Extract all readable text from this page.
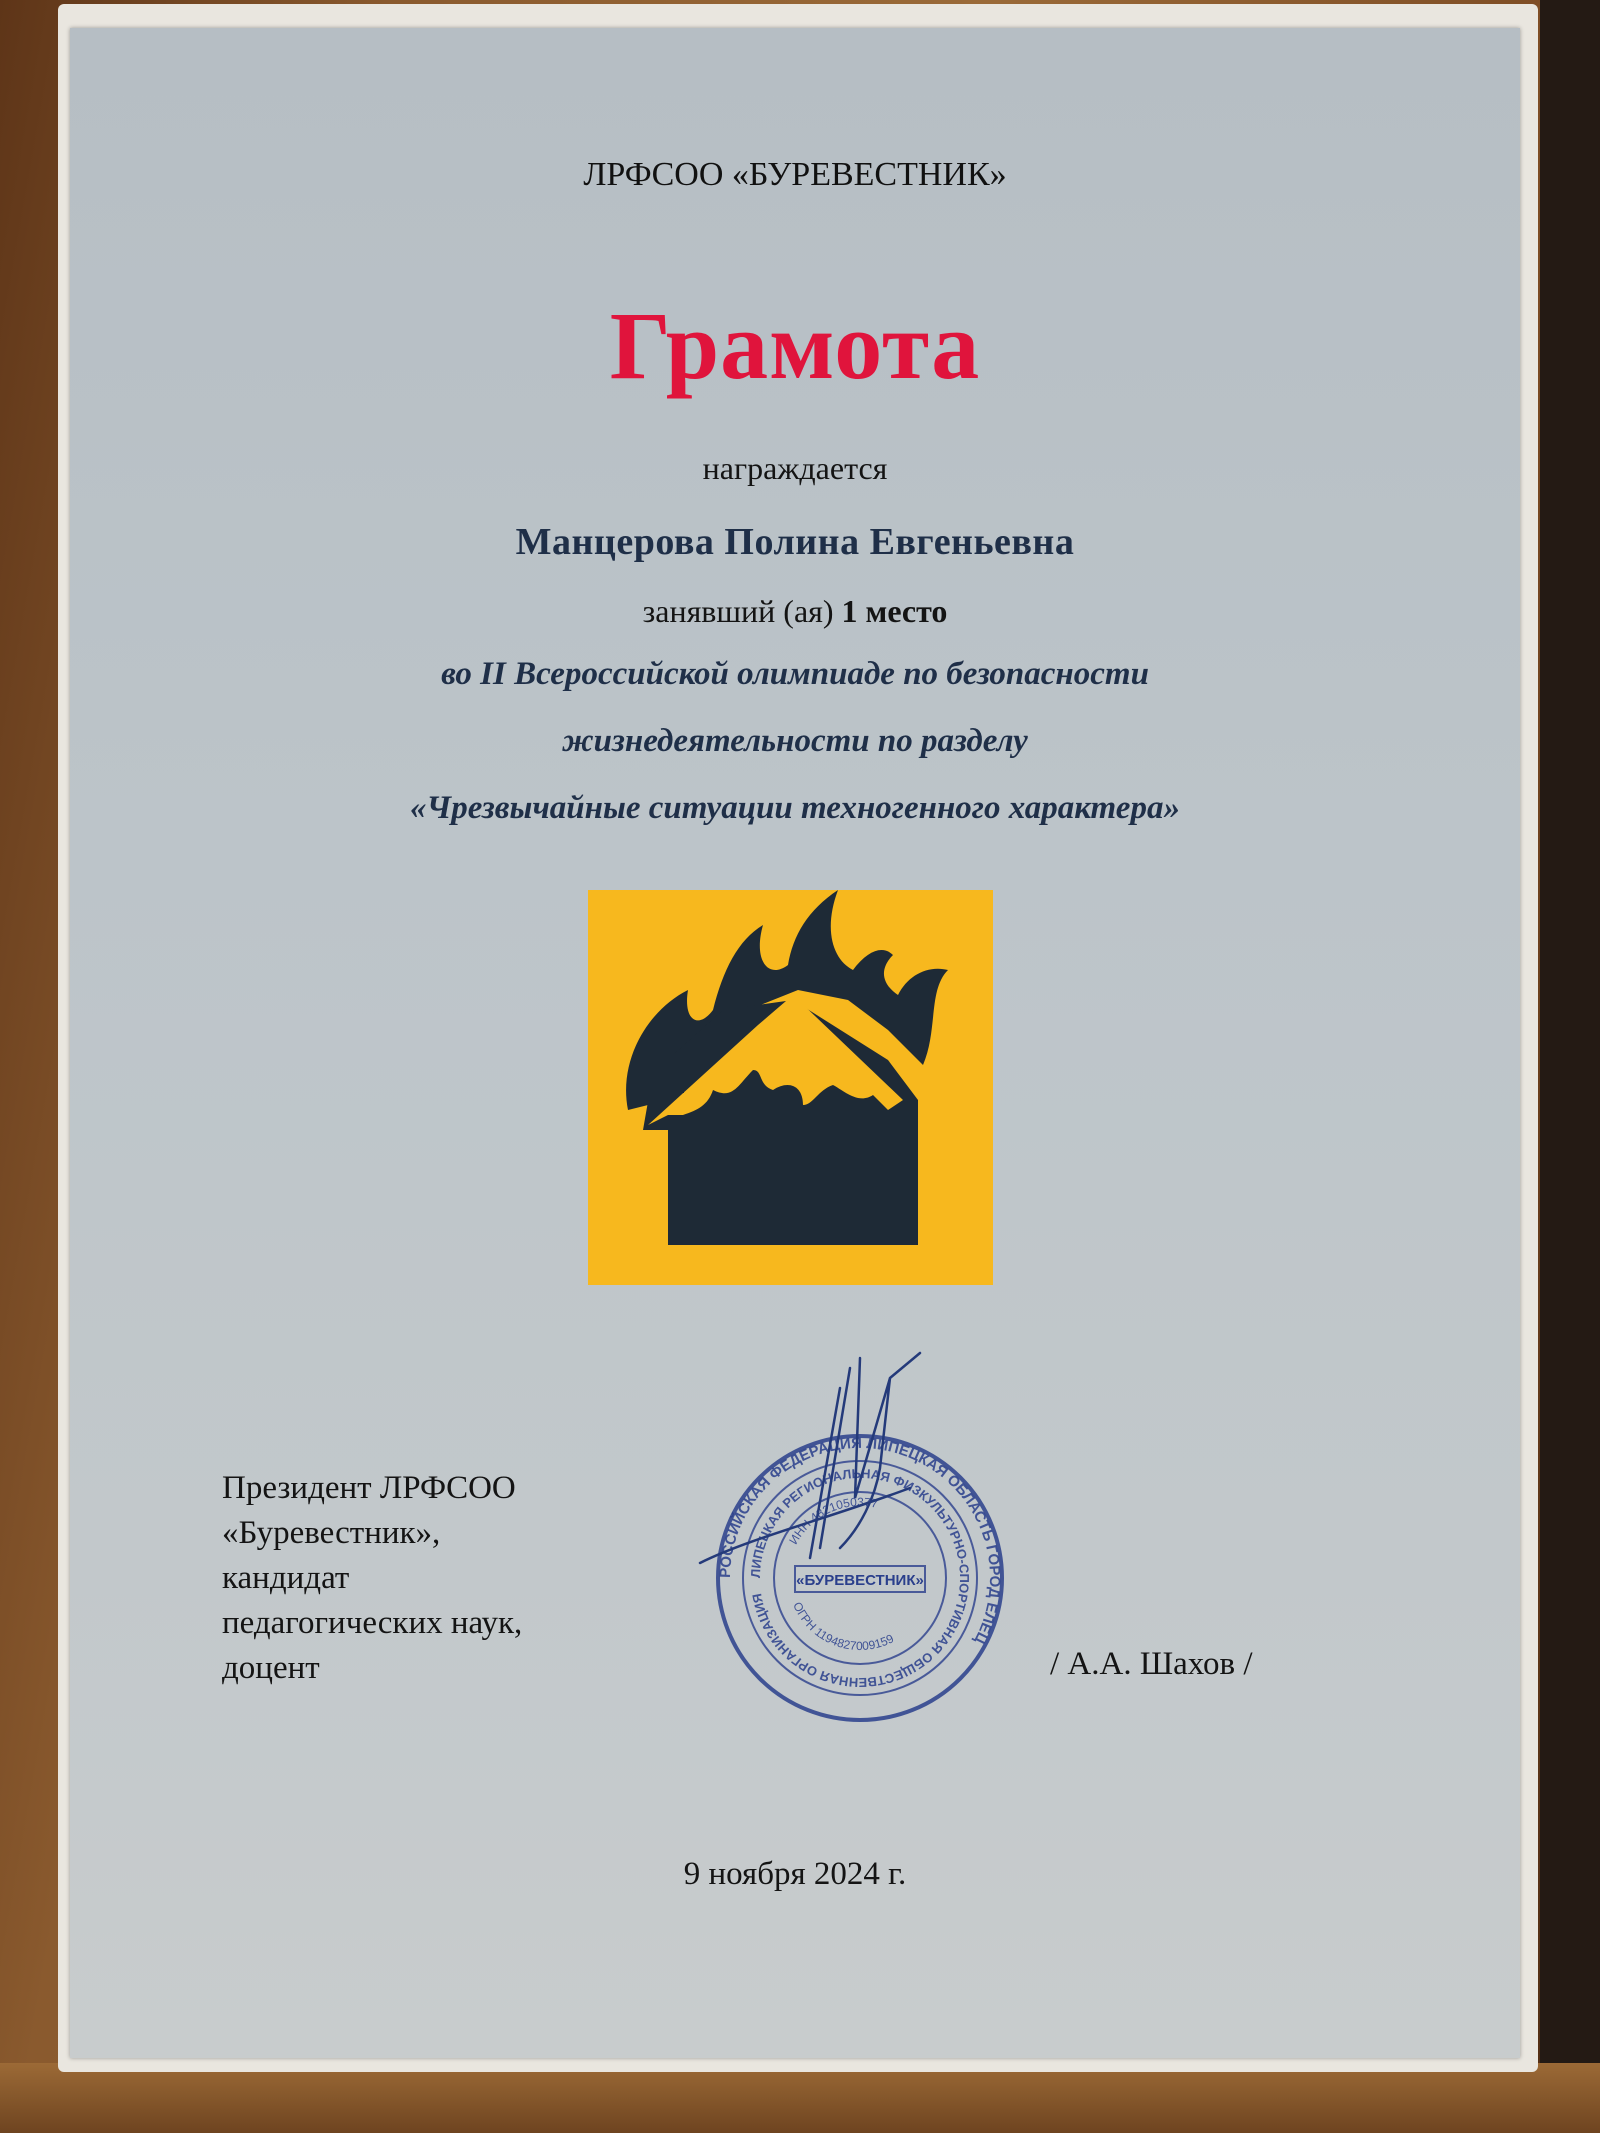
ЛРФСОО «БУРЕВЕСТНИК»

Грамота

награждается

Манцерова Полина Евгеньевна

занявший (ая) 1 место

во II Всероссийской олимпиаде по безопасности

жизнедеятельности по разделу

«Чрезвычайные ситуации техногенного характера»

Президент ЛРФСОО
«Буревестник»,
кандидат
педагогических наук,
доцент
РОССИЙСКАЯ ФЕДЕРАЦИЯ ЛИПЕЦКАЯ ОБЛАСТЬ ГОРОД ЕЛЕЦ
ЛИПЕЦКАЯ РЕГИОНАЛЬНАЯ ФИЗКУЛЬТУРНО-СПОРТИВНАЯ ОБЩЕСТВЕННАЯ ОРГАНИЗАЦИЯ
ИНН 4821050377
ОГРН 1194827009159
«БУРЕВЕСТНИК»
/ А.А. Шахов /

9 ноября 2024 г.
